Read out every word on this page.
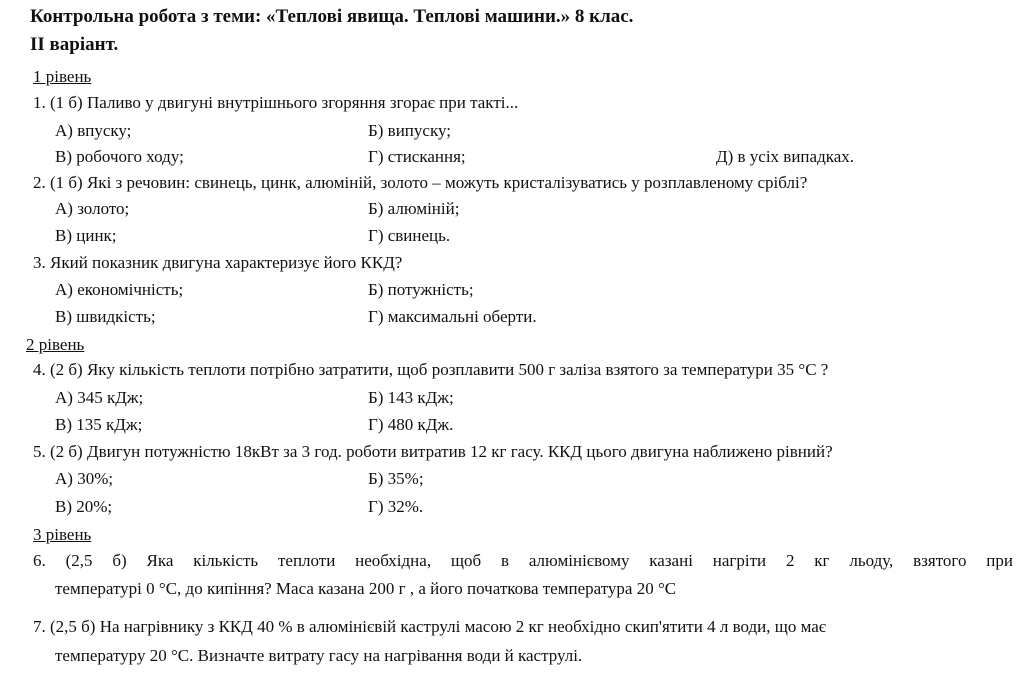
Контрольна робота з теми: «Теплові явища. Теплові машини.» 8 клас.
II варіант.
1 рівень
1. (1 б) Паливо у двигуні внутрішнього згоряння згорає при такті...
А) впуску;	Б) випуску;
В) робочого ходу;	Г) стискання;	Д) в усіх випадках.
2. (1 б) Які з речовин: свинець, цинк, алюміній, золото – можуть кристалізуватись у розплавленому сріблі?
А) золото;	Б) алюміній;
В) цинк;	Г) свинець.
3. Який показник двигуна характеризує його ККД?
А) економічність;	Б) потужність;
В) швидкість;	Г) максимальні оберти.
2 рівень
4. (2 б) Яку кількість теплоти потрібно затратити, щоб розплавити 500 г заліза взятого за температури 35 °С ?
А) 345 кДж;	Б) 143 кДж;
В) 135 кДж;	Г) 480 кДж.
5. (2 б) Двигун потужністю 18кВт за 3 год. роботи витратив 12 кг гасу. ККД цього двигуна наближено рівний?
А) 30%;	Б) 35%;
В) 20%;	Г) 32%.
3 рівень
6. (2,5 б) Яка кількість теплоти необхідна, щоб в алюмінієвому казані нагріти 2 кг льоду, взятого при
температурі 0 °С, до кипіння? Маса казана 200 г , а його початкова температура 20 °С
7. (2,5 б) На нагрівнику з ККД 40 % в алюмінієвій каструлі масою 2 кг необхідно скип'ятити 4 л води, що має
температуру 20 °С. Визначте витрату гасу на нагрівання води й каструлі.
